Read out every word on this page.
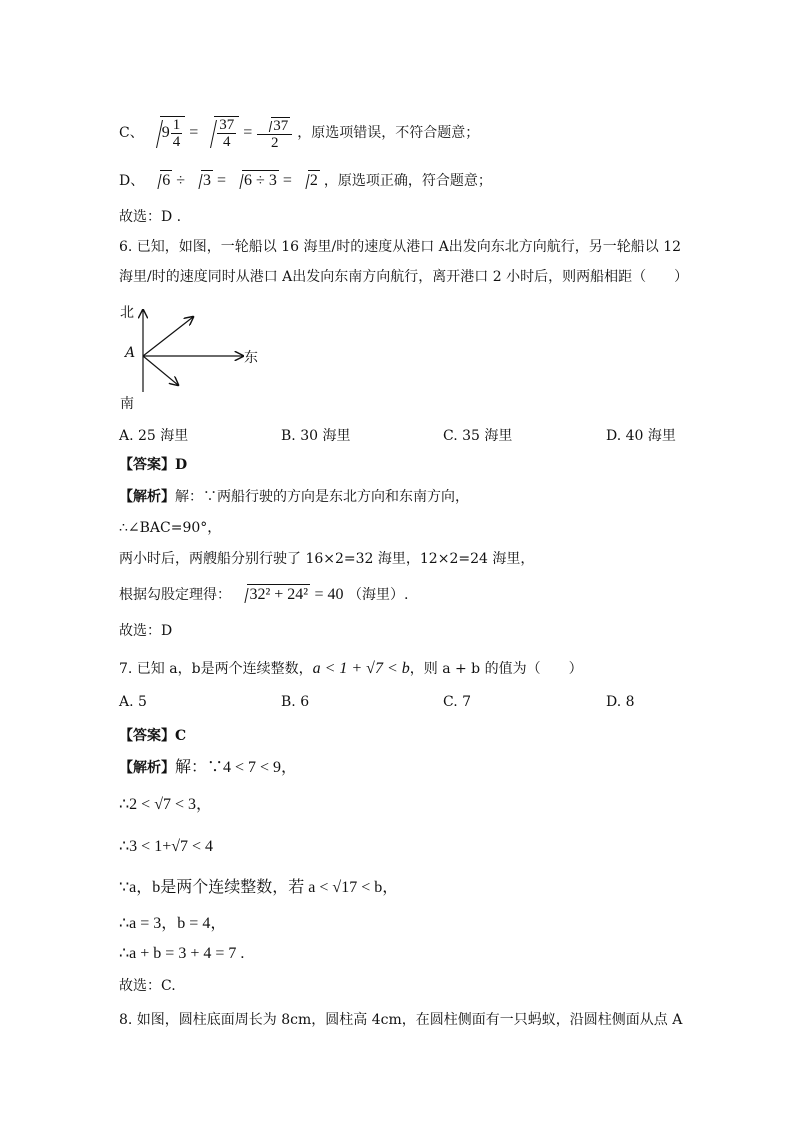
C、 $9 \frac{1}{4} = \frac{37}{4} = \frac{37}{2}$ ，原选项错误，不符合题意；
D、 6 ÷ 3 = 6 ÷ 3 = 2 ，原选项正确，符合题意；
故选：D .
6. 已知，如图，一轮船以 16 海里/时的速度从港口 A出发向东北方向航行，另一轮船以 12
海里/时的速度同时从港口 A出发向东南方向航行，离开港口 2 小时后，则两船相距（　　）
北
A	东
南
A. 25 海里	B. 30 海里	C. 35 海里	D. 40 海里
【答案】D
【解析】解：∵两船行驶的方向是东北方向和东南方向，
∴∠BAC=90°，
两小时后，两艘船分别行驶了 16×2=32 海里，12×2=24 海里，
根据勾股定理得： 32² + 24² = 40 （海里）.
故选：D
7. 已知 a，b是两个连续整数，a < 1 + √7 < b，则 a + b 的值为（　　）
A. 5	B. 6	C. 7	D. 8
【答案】C
【解析】解：∵4 < 7 < 9，
∴2 < √7 < 3，
∴3 < 1+√7 < 4
∵a，b是两个连续整数，若 a < √17 < b，
∴a = 3，b = 4，
∴a + b = 3 + 4 = 7 .
故选：C.
8. 如图，圆柱底面周长为 8cm，圆柱高 4cm，在圆柱侧面有一只蚂蚁，沿圆柱侧面从点 A
